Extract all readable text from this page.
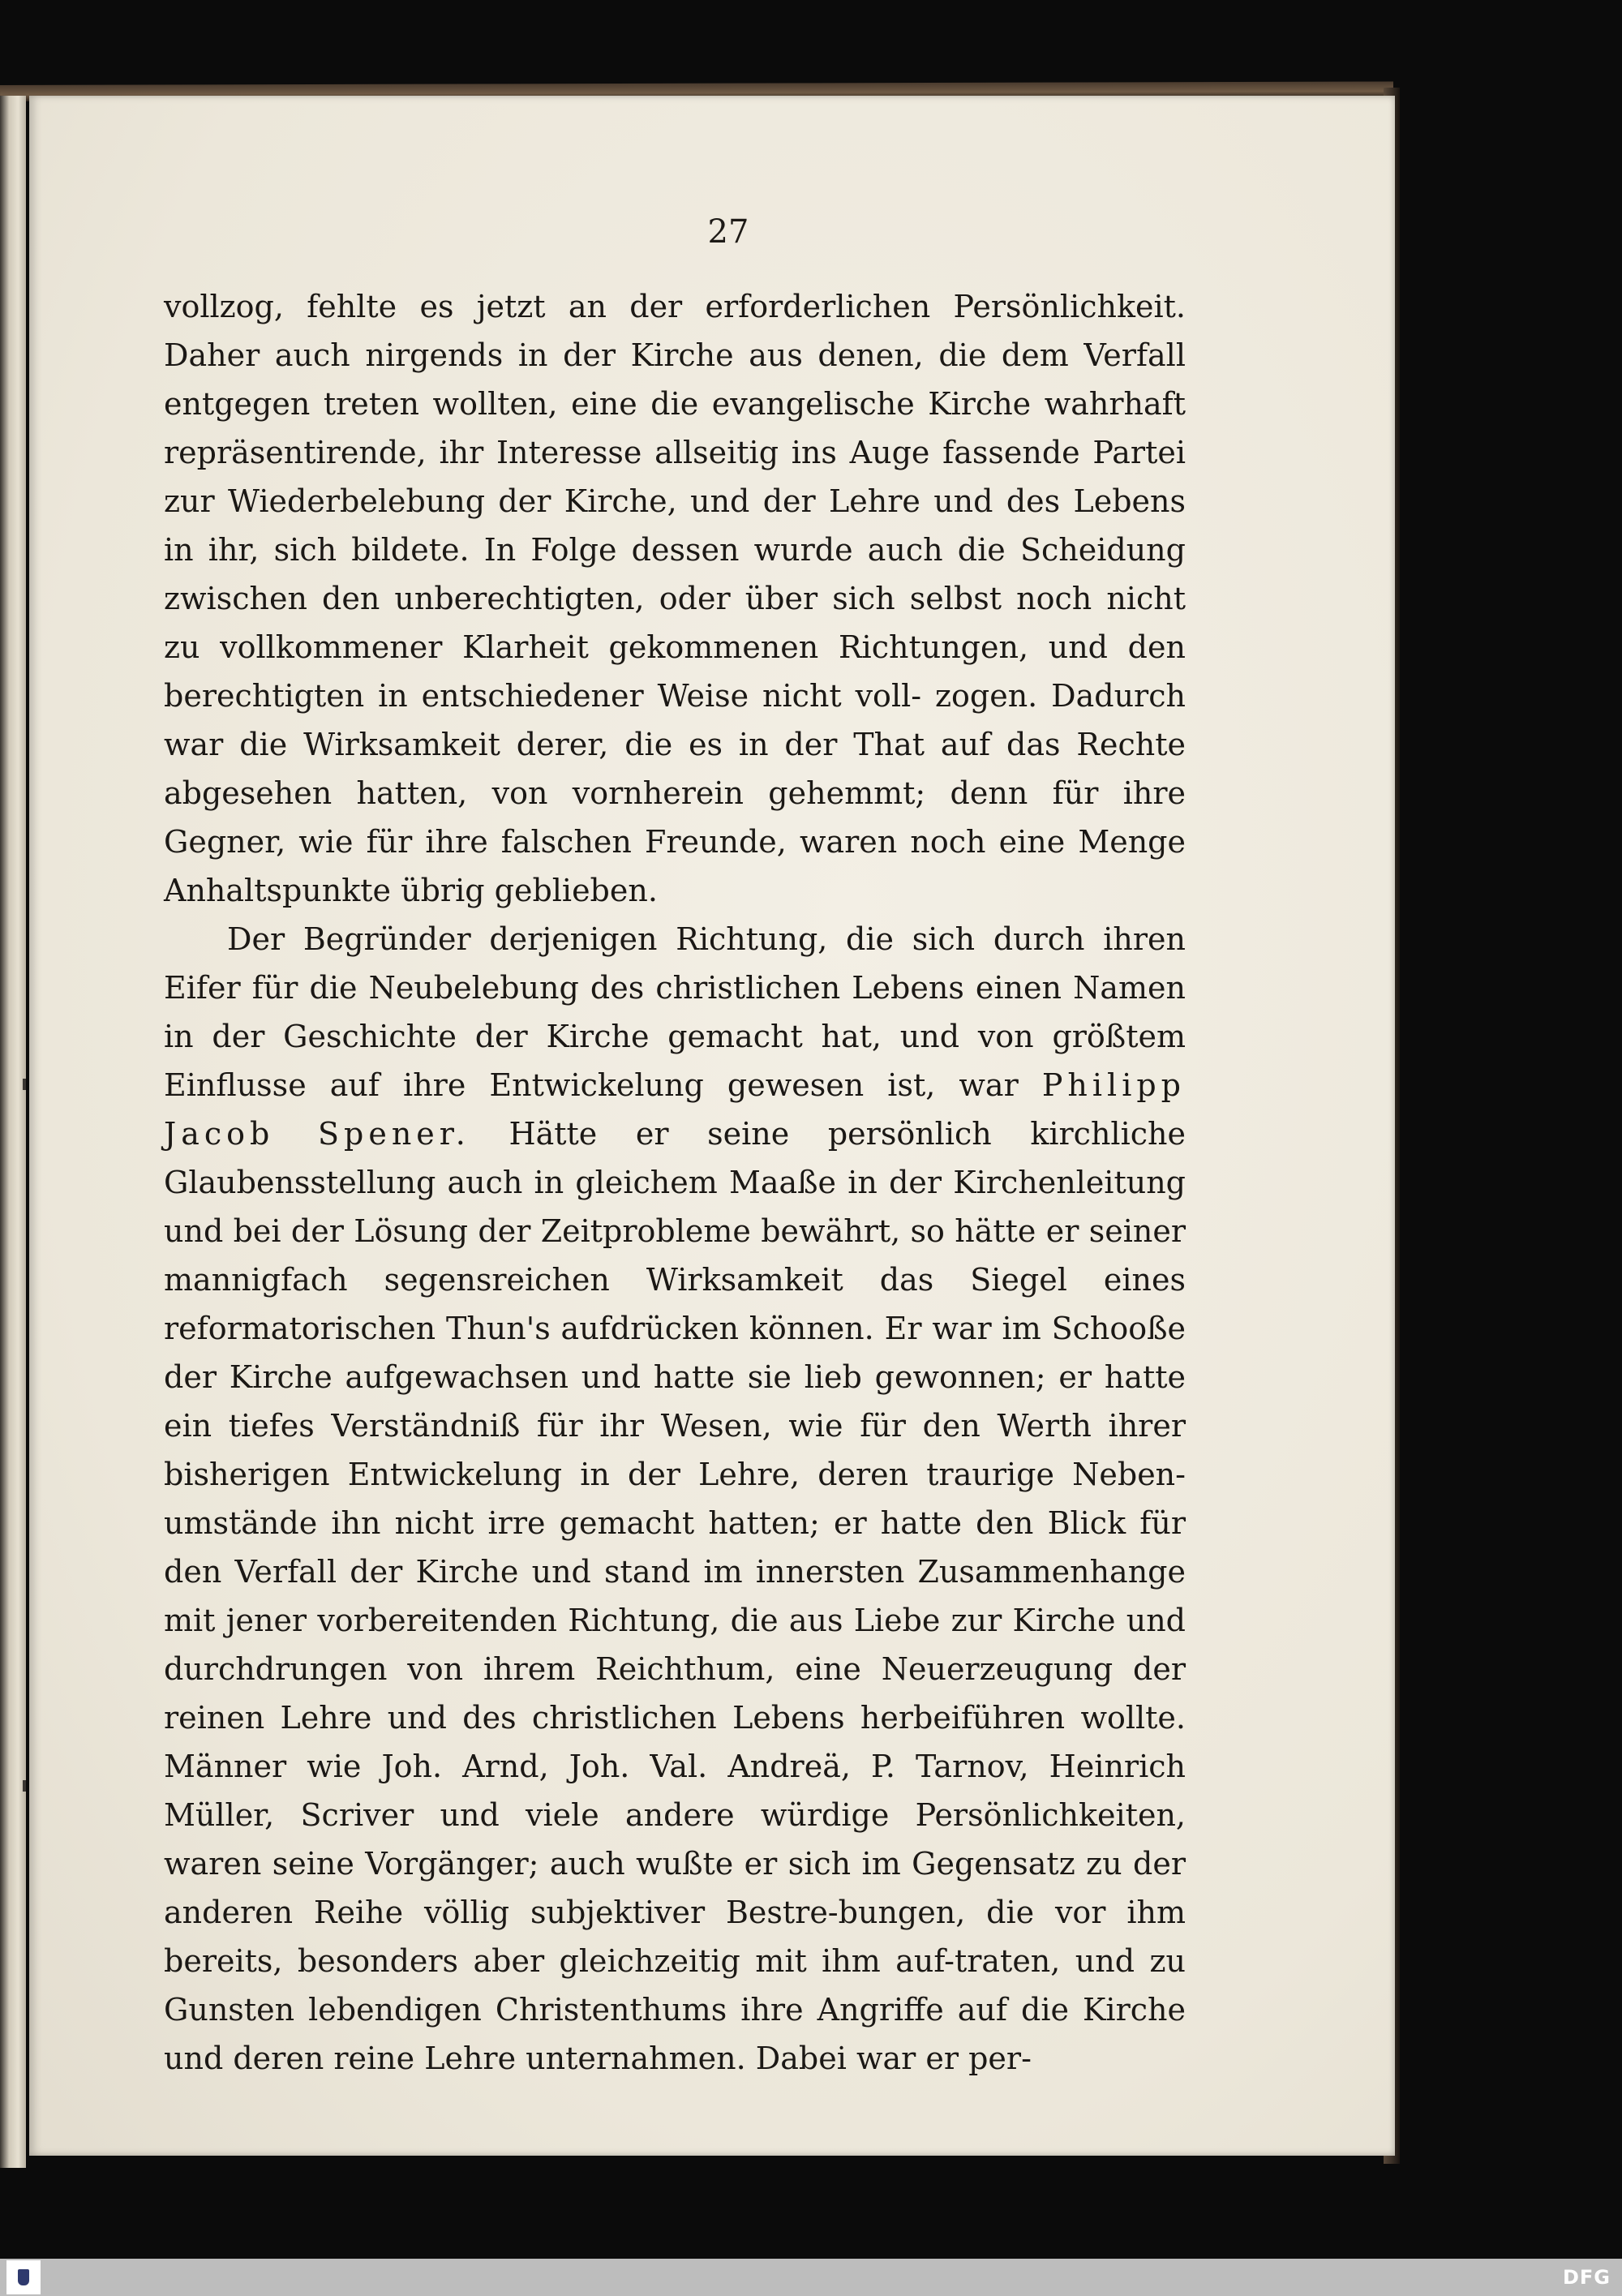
27

vollzog, fehlte es jetzt an der erforderlichen Persönlichkeit. Daher auch nirgends in der Kirche aus denen, die dem Verfall entgegen treten wollten, eine die evangelische Kirche wahrhaft repräsentirende, ihr Interesse allseitig ins Auge fassende Partei zur Wiederbelebung der Kirche, und der Lehre und des Lebens in ihr, sich bildete. In Folge dessen wurde auch die Scheidung zwischen den unberechtigten, oder über sich selbst noch nicht zu vollkommener Klarheit gekommenen Richtungen, und den berechtigten in entschiedener Weise nicht voll- zogen. Dadurch war die Wirksamkeit derer, die es in der That auf das Rechte abgesehen hatten, von vornherein gehemmt; denn für ihre Gegner, wie für ihre falschen Freunde, waren noch eine Menge Anhaltspunkte übrig geblieben.

Der Begründer derjenigen Richtung, die sich durch ihren Eifer für die Neubelebung des christlichen Lebens einen Namen in der Geschichte der Kirche gemacht hat, und von größtem Einflusse auf ihre Entwickelung gewesen ist, war Philipp Jacob Spener. Hätte er seine persönlich kirchliche Glaubensstellung auch in gleichem Maaße in der Kirchenleitung und bei der Lösung der Zeitprobleme bewährt, so hätte er seiner mannigfach segensreichen Wirksamkeit das Siegel eines reformatorischen Thun's aufdrücken können. Er war im Schooße der Kirche aufgewachsen und hatte sie lieb gewonnen; er hatte ein tiefes Verständniß für ihr Wesen, wie für den Werth ihrer bisherigen Entwickelung in der Lehre, deren traurige Neben-umstände ihn nicht irre gemacht hatten; er hatte den Blick für den Verfall der Kirche und stand im innersten Zusammenhange mit jener vorbereitenden Richtung, die aus Liebe zur Kirche und durchdrungen von ihrem Reichthum, eine Neuerzeugung der reinen Lehre und des christlichen Lebens herbeiführen wollte. Männer wie Joh. Arnd, Joh. Val. Andreä, P. Tarnov, Heinrich Müller, Scriver und viele andere würdige Persönlichkeiten, waren seine Vorgänger; auch wußte er sich im Gegensatz zu der anderen Reihe völlig subjektiver Bestre-bungen, die vor ihm bereits, besonders aber gleichzeitig mit ihm auf-traten, und zu Gunsten lebendigen Christenthums ihre Angriffe auf die Kirche und deren reine Lehre unternahmen. Dabei war er per-

DFG
